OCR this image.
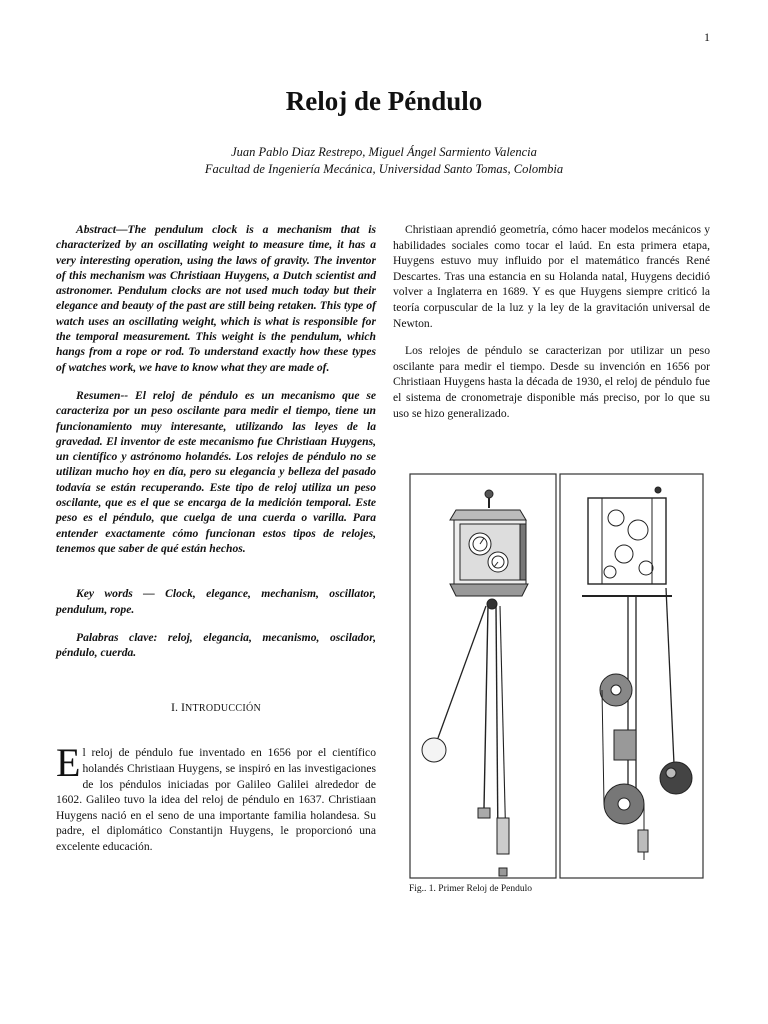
1
Reloj de Péndulo
Juan Pablo Diaz Restrepo, Miguel Ángel Sarmiento Valencia
Facultad de Ingeniería Mecánica, Universidad Santo Tomas, Colombia

Abstract—The pendulum clock is a mechanism that is characterized by an oscillating weight to measure time, it has a very interesting operation, using the laws of gravity. The inventor of this mechanism was Christiaan Huygens, a Dutch scientist and astronomer. Pendulum clocks are not used much today but their elegance and beauty of the past are still being retaken. This type of watch uses an oscillating weight, which is what is responsible for the temporal measurement. This weight is the pendulum, which hangs from a rope or rod. To understand exactly how these types of watches work, we have to know what they are made of.

Resumen-- El reloj de péndulo es un mecanismo que se caracteriza por un peso oscilante para medir el tiempo, tiene un funcionamiento muy interesante, utilizando las leyes de la gravedad. El inventor de este mecanismo fue Christiaan Huygens, un científico y astrónomo holandés. Los relojes de péndulo no se utilizan mucho hoy en día, pero su elegancia y belleza del pasado todavía se están recuperando. Este tipo de reloj utiliza un peso oscilante, que es el que se encarga de la medición temporal. Este peso es el péndulo, que cuelga de una cuerda o varilla. Para entender exactamente cómo funcionan estos tipos de relojes, tenemos que saber de qué están hechos.

Key words — Clock, elegance, mechanism, oscillator, pendulum, rope.

Palabras clave: reloj, elegancia, mecanismo, oscilador, péndulo, cuerda.

I. INTRODUCCIÓN

El reloj de péndulo fue inventado en 1656 por el científico holandés Christiaan Huygens, se inspiró en las investigaciones de los péndulos iniciadas por Galileo Galilei alrededor de 1602. Galileo tuvo la idea del reloj de péndulo en 1637. Christiaan Huygens nació en el seno de una importante familia holandesa. Su padre, el diplomático Constantijn Huygens, le proporcionó una excelente educación.

Christiaan aprendió geometría, cómo hacer modelos mecánicos y habilidades sociales como tocar el laúd. En esta primera etapa, Huygens estuvo muy influido por el matemático francés René Descartes. Tras una estancia en su Holanda natal, Huygens decidió volver a Inglaterra en 1689. Y es que Huygens siempre criticó la teoría corpuscular de la luz y la ley de la gravitación universal de Newton.

Los relojes de péndulo se caracterizan por utilizar un peso oscilante para medir el tiempo. Desde su invención en 1656 por Christiaan Huygens hasta la década de 1930, el reloj de péndulo fue el sistema de cronometraje disponible más preciso, por lo que su uso se hizo generalizado.

Fig.. 1. Primer Reloj de Pendulo
